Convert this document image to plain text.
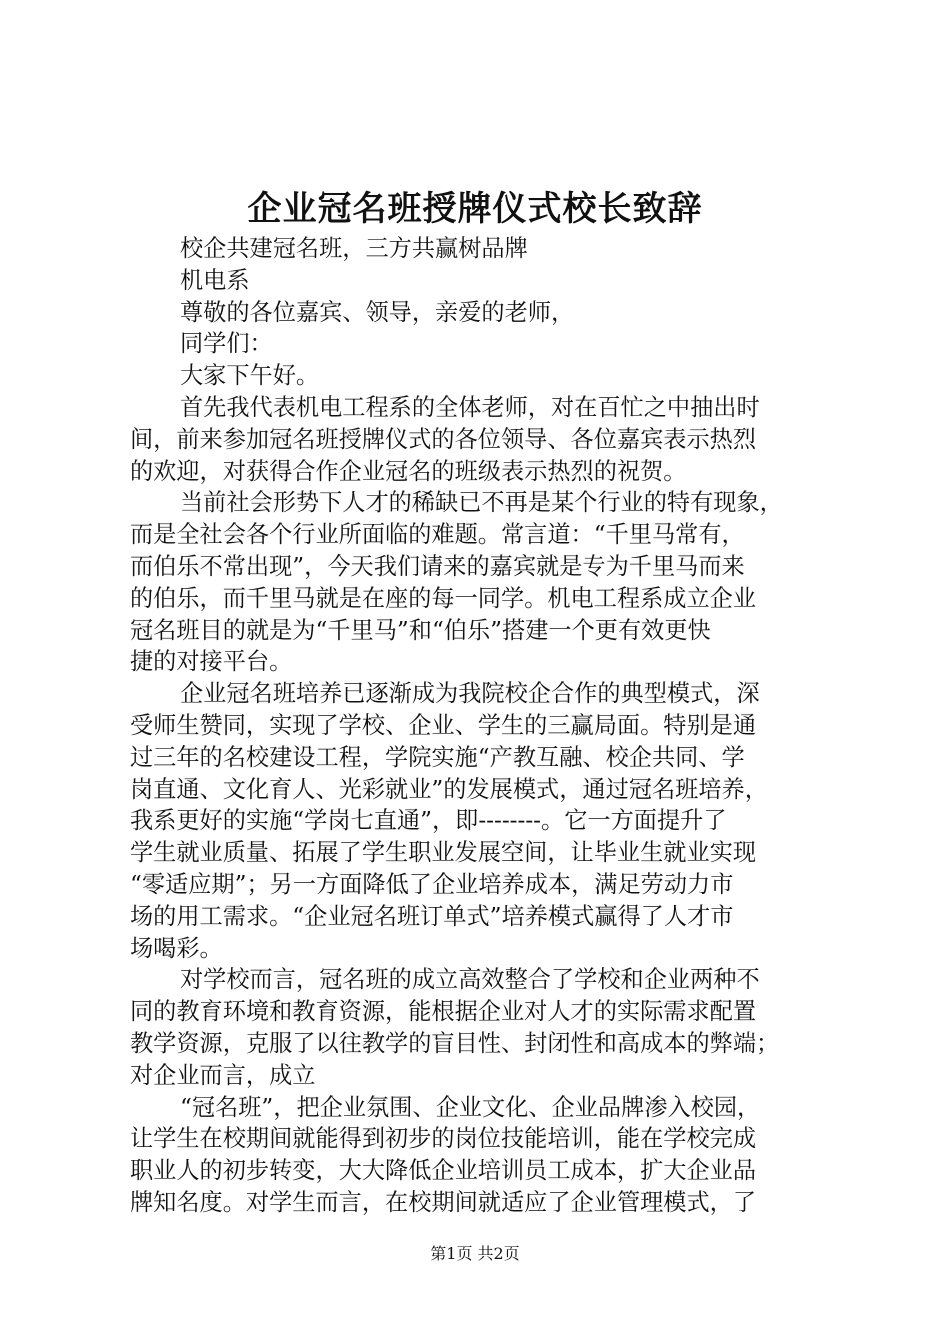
企业冠名班授牌仪式校长致辞
校企共建冠名班，三方共赢树品牌
机电系
尊敬的各位嘉宾、领导，亲爱的老师，
同学们：
大家下午好。
首先我代表机电工程系的全体老师，对在百忙之中抽出时
间，前来参加冠名班授牌仪式的各位领导、各位嘉宾表示热烈
的欢迎，对获得合作企业冠名的班级表示热烈的祝贺。
当前社会形势下人才的稀缺已不再是某个行业的特有现象，
而是全社会各个行业所面临的难题。常言道：“千里马常有，
而伯乐不常出现”，今天我们请来的嘉宾就是专为千里马而来
的伯乐，而千里马就是在座的每一同学。机电工程系成立企业
冠名班目的就是为“千里马”和“伯乐”搭建一个更有效更快
捷的对接平台。
企业冠名班培养已逐渐成为我院校企合作的典型模式，深
受师生赞同，实现了学校、企业、学生的三赢局面。特别是通
过三年的名校建设工程，学院实施“产教互融、校企共同、学
岗直通、文化育人、光彩就业”的发展模式，通过冠名班培养，
我系更好的实施“学岗七直通”，即--------。它一方面提升了
学生就业质量、拓展了学生职业发展空间，让毕业生就业实现
“零适应期”；另一方面降低了企业培养成本，满足劳动力市
场的用工需求。“企业冠名班订单式”培养模式赢得了人才市
场喝彩。
对学校而言，冠名班的成立高效整合了学校和企业两种不
同的教育环境和教育资源，能根据企业对人才的实际需求配置
教学资源，克服了以往教学的盲目性、封闭性和高成本的弊端；
对企业而言，成立
“冠名班”，把企业氛围、企业文化、企业品牌渗入校园，
让学生在校期间就能得到初步的岗位技能培训，能在学校完成
职业人的初步转变，大大降低企业培训员工成本，扩大企业品
牌知名度。对学生而言，在校期间就适应了企业管理模式，了
第1页 共2页
